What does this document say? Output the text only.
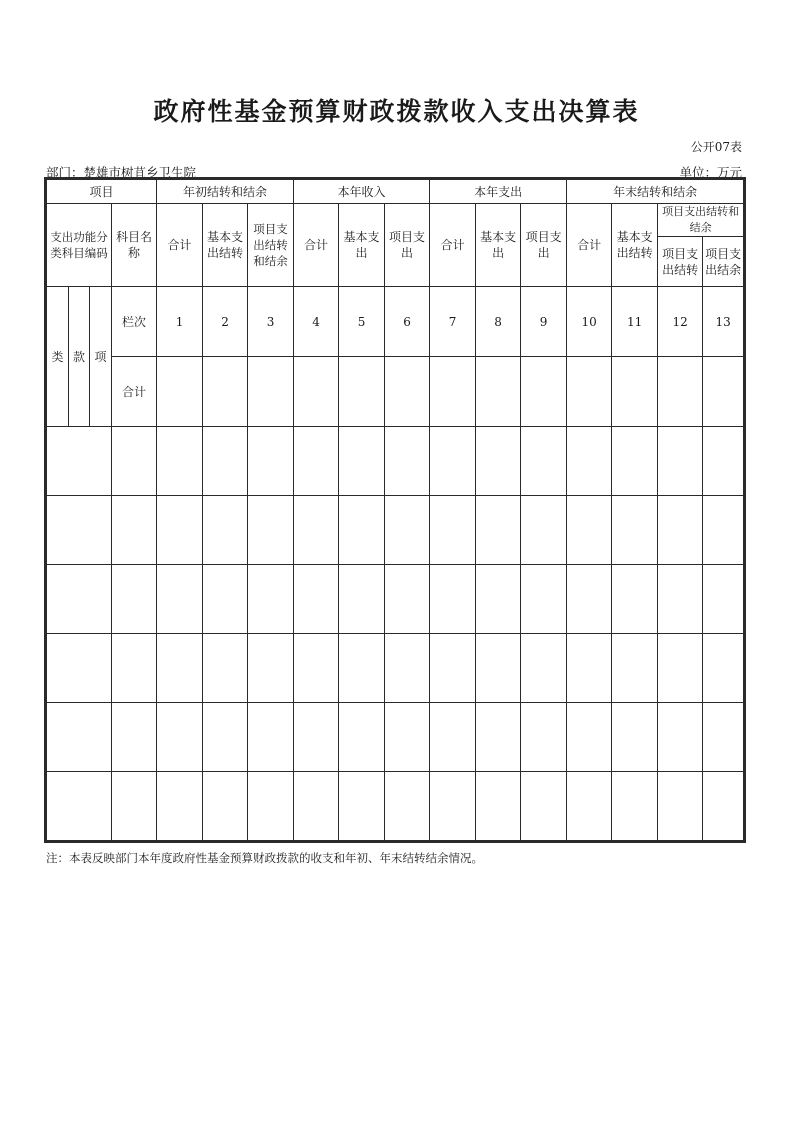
政府性基金预算财政拨款收入支出决算表
公开07表
部门：楚雄市树苴乡卫生院	单位：万元
项目				年初结转和结余			本年收入			本年支出			年末结转和结余			
支出功能分类科目编码			科目名称	合计	基本支出结转	项目支出结转和结余	合计	基本支出	项目支出	合计	基本支出	项目支出	合计	基本支出结转	项目支出结转和结余	
															项目支出结转	项目支出结余
类	款	项	栏次	1	2	3	4	5	6	7	8	9	10	11	12	13
			合计													

注：本表反映部门本年度政府性基金预算财政拨款的收支和年初、年末结转结余情况。
